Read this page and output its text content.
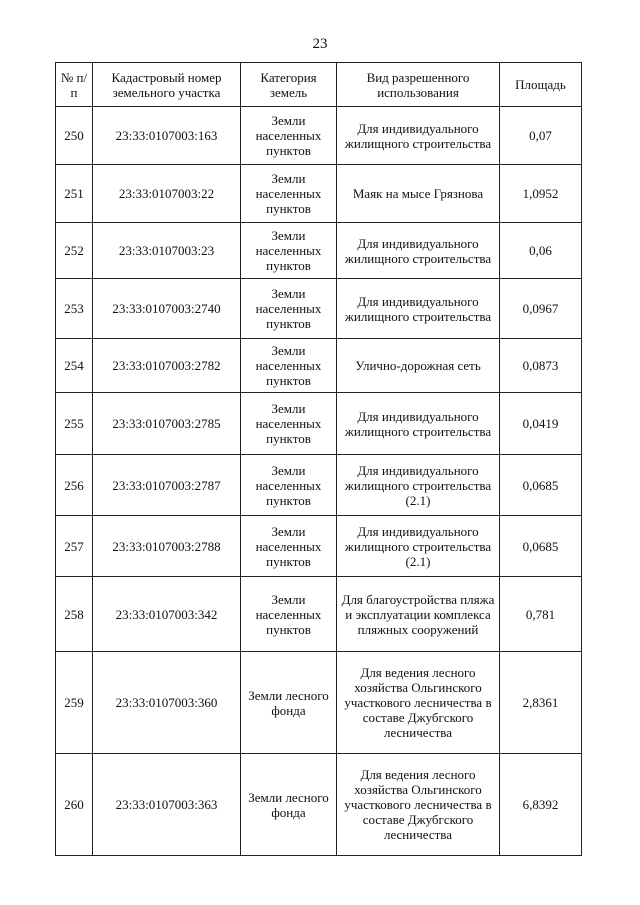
23
№ п/п	Кадастровый номер земельного участка	Категория земель	Вид разрешенного использования	Площадь
250	23:33:0107003:163	Земли населенных пунктов	Для индивидуального жилищного строительства	0,07
251	23:33:0107003:22	Земли населенных пунктов	Маяк на мысе Грязнова	1,0952
252	23:33:0107003:23	Земли населенных пунктов	Для индивидуального жилищного строительства	0,06
253	23:33:0107003:2740	Земли населенных пунктов	Для индивидуального жилищного строительства	0,0967
254	23:33:0107003:2782	Земли населенных пунктов	Улично-дорожная сеть	0,0873
255	23:33:0107003:2785	Земли населенных пунктов	Для индивидуального жилищного строительства	0,0419
256	23:33:0107003:2787	Земли населенных пунктов	Для индивидуального жилищного строительства (2.1)	0,0685
257	23:33:0107003:2788	Земли населенных пунктов	Для индивидуального жилищного строительства (2.1)	0,0685
258	23:33:0107003:342	Земли населенных пунктов	Для благоустройства пляжа и эксплуатации комплекса пляжных сооружений	0,781
259	23:33:0107003:360	Земли лесного фонда	Для ведения лесного хозяйства Ольгинского участкового лесничества в составе Джубгского лесничества	2,8361
260	23:33:0107003:363	Земли лесного фонда	Для ведения лесного хозяйства Ольгинского участкового лесничества в составе Джубгского лесничества	6,8392
